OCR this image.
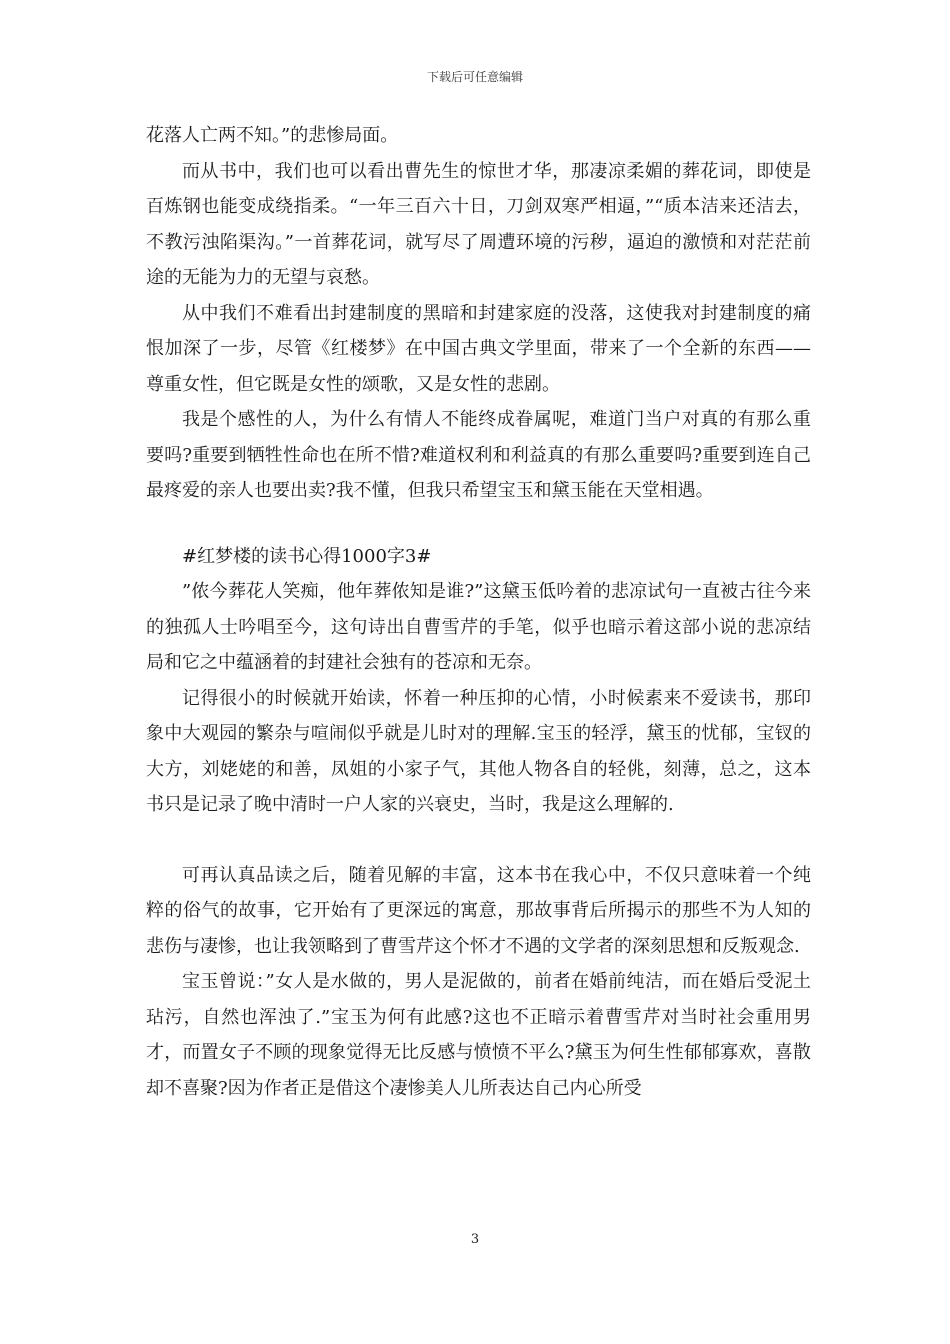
下载后可任意编辑

花落人亡两不知。”的悲惨局面。

而从书中，我们也可以看出曹先生的惊世才华，那凄凉柔媚的葬花词，即使是百炼钢也能变成绕指柔。“一年三百六十日，刀剑双寒严相逼，”“质本洁来还洁去，不教污浊陷渠沟。”一首葬花词，就写尽了周遭环境的污秽，逼迫的激愤和对茫茫前途的无能为力的无望与哀愁。

从中我们不难看出封建制度的黑暗和封建家庭的没落，这使我对封建制度的痛恨加深了一步，尽管《红楼梦》在中国古典文学里面，带来了一个全新的东西——尊重女性，但它既是女性的颂歌，又是女性的悲剧。

我是个感性的人，为什么有情人不能终成眷属呢，难道门当户对真的有那么重要吗?重要到牺牲性命也在所不惜?难道权利和利益真的有那么重要吗?重要到连自己最疼爱的亲人也要出卖?我不懂，但我只希望宝玉和黛玉能在天堂相遇。

#红梦楼的读书心得1000字3#

”侬今葬花人笑痴，他年葬侬知是谁?”这黛玉低吟着的悲凉试句一直被古往今来的独孤人士吟唱至今，这句诗出自曹雪芹的手笔，似乎也暗示着这部小说的悲凉结局和它之中蕴涵着的封建社会独有的苍凉和无奈。

记得很小的时候就开始读，怀着一种压抑的心情，小时候素来不爱读书，那印象中大观园的繁杂与喧闹似乎就是儿时对的理解.宝玉的轻浮，黛玉的忧郁，宝钗的大方，刘姥姥的和善，凤姐的小家子气，其他人物各自的轻佻，刻薄，总之，这本书只是记录了晚中清时一户人家的兴衰史，当时，我是这么理解的.

可再认真品读之后，随着见解的丰富，这本书在我心中，不仅只意味着一个纯粹的俗气的故事，它开始有了更深远的寓意，那故事背后所揭示的那些不为人知的悲伤与凄惨，也让我领略到了曹雪芹这个怀才不遇的文学者的深刻思想和反叛观念.

宝玉曾说：”女人是水做的，男人是泥做的，前者在婚前纯洁，而在婚后受泥土玷污，自然也浑浊了.”宝玉为何有此感?这也不正暗示着曹雪芹对当时社会重用男才，而置女子不顾的现象觉得无比反感与愤愤不平么?黛玉为何生性郁郁寡欢，喜散却不喜聚?因为作者正是借这个凄惨美人儿所表达自己内心所受

3
